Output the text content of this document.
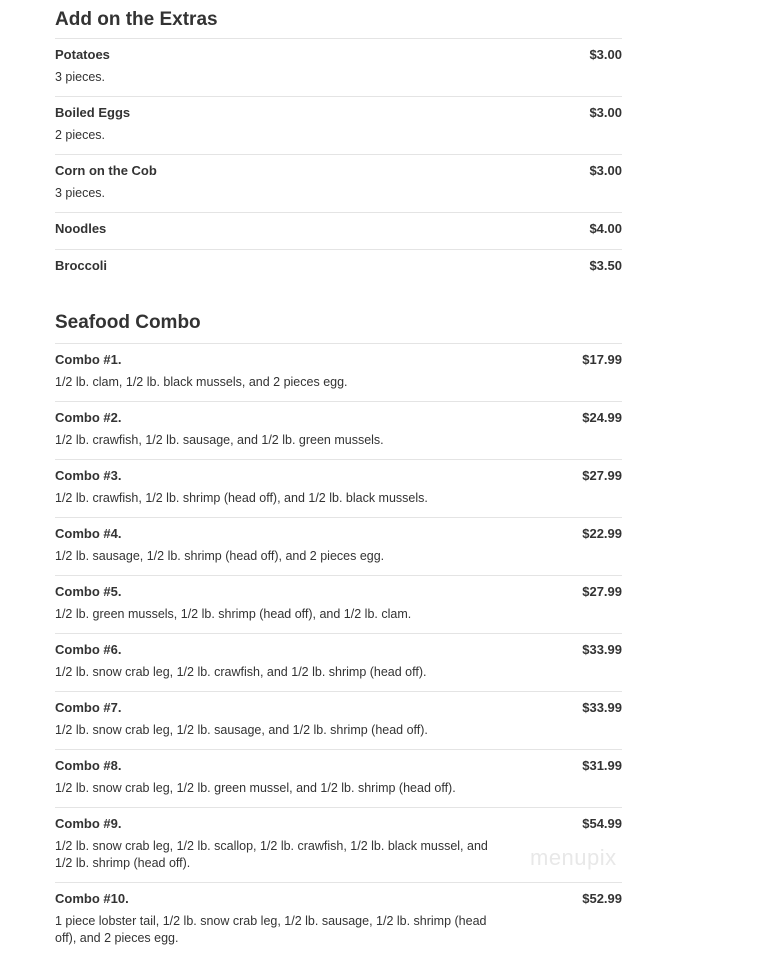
Add on the Extras
Potatoes	$3.00
3 pieces.
Boiled Eggs	$3.00
2 pieces.
Corn on the Cob	$3.00
3 pieces.
Noodles	$4.00
Broccoli	$3.50
Seafood Combo
Combo #1.	$17.99
1/2 lb. clam, 1/2 lb. black mussels, and 2 pieces egg.
Combo #2.	$24.99
1/2 lb. crawfish, 1/2 lb. sausage, and 1/2 lb. green mussels.
Combo #3.	$27.99
1/2 lb. crawfish, 1/2 lb. shrimp (head off), and 1/2 lb. black mussels.
Combo #4.	$22.99
1/2 lb. sausage, 1/2 lb. shrimp (head off), and 2 pieces egg.
Combo #5.	$27.99
1/2 lb. green mussels, 1/2 lb. shrimp (head off), and 1/2 lb. clam.
Combo #6.	$33.99
1/2 lb. snow crab leg, 1/2 lb. crawfish, and 1/2 lb. shrimp (head off).
Combo #7.	$33.99
1/2 lb. snow crab leg, 1/2 lb. sausage, and 1/2 lb. shrimp (head off).
Combo #8.	$31.99
1/2 lb. snow crab leg, 1/2 lb. green mussel, and 1/2 lb. shrimp (head off).
Combo #9.	$54.99
1/2 lb. snow crab leg, 1/2 lb. scallop, 1/2 lb. crawfish, 1/2 lb. black mussel, and 1/2 lb. shrimp (head off).
Combo #10.	$52.99
1 piece lobster tail, 1/2 lb. snow crab leg, 1/2 lb. sausage, 1/2 lb. shrimp (head off), and 2 pieces egg.
menupix
